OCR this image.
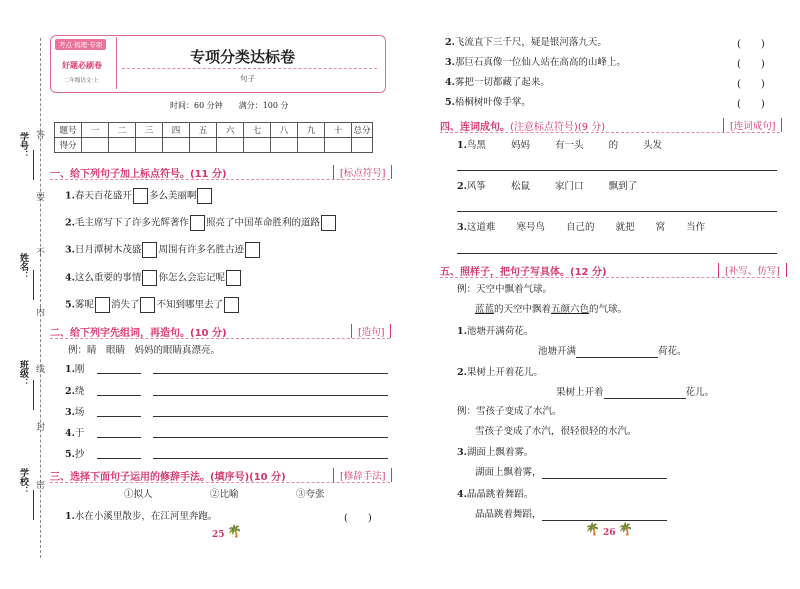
学号：
姓名：
班级：
学校：
答
要
不
内
线
封
密
考点·梳理·专项
好题必刷卷
二年级语文·上
专项分类达标卷
句子
时间：60 分钟　　满分：100 分
题号	一	二	三	四	五	六	七	八	九	十	总分
得分											
一、给下列句子加上标点符号。(11 分)	[标点符号]
1.春天百花盛开 多么美丽啊
2.毛主席写下了许多光辉著作 照亮了中国革命胜利的道路
3.日月潭树木茂盛 周围有许多名胜古迹
4.这么重要的事情 你怎么会忘记呢
5.雾呢 消失了 不知到哪里去了
二、给下列字先组词，再造句。(10 分)	[造句]
例：睛　眼睛　妈妈的眼睛真漂亮。
1.刚
2.绕
3.场
4.于
5.抄
三、选择下面句子运用的修辞手法。(填序号)(10 分)	[修辞手法]
①拟人	②比喻	③夸张
1.水在小溪里散步，在江河里奔跑。	(　　)
25 🌴
2.飞流直下三千尺，疑是银河落九天。	(　　)
3.那巨石真像一位仙人站在高高的山峰上。	(　　)
4.雾把一切都藏了起来。	(　　)
5.梧桐树叶像手掌。	(　　)
四、连词成句。(注意标点符号)(9 分)	[连词成句]
1.鸟黑	妈妈	有一头	的	头发
2.风筝	松鼠	家门口	飘到了
3.这道难 寒号鸟 自己的 就把 窝 当作
五、照样子，把句子写具体。(12 分)	[补写、仿写]
例：天空中飘着气球。
蓝蓝的天空中飘着五颜六色的气球。
1.池塘开满荷花。
池塘开满	荷花。
2.果树上开着花儿。
果树上开着	花儿。
例：雪孩子变成了水汽。
雪孩子变成了水汽，很轻很轻的水汽。
3.湖面上飘着雾。
湖面上飘着雾，
4.晶晶跳着舞蹈。
晶晶跳着舞蹈，
🌴 26 🌴
